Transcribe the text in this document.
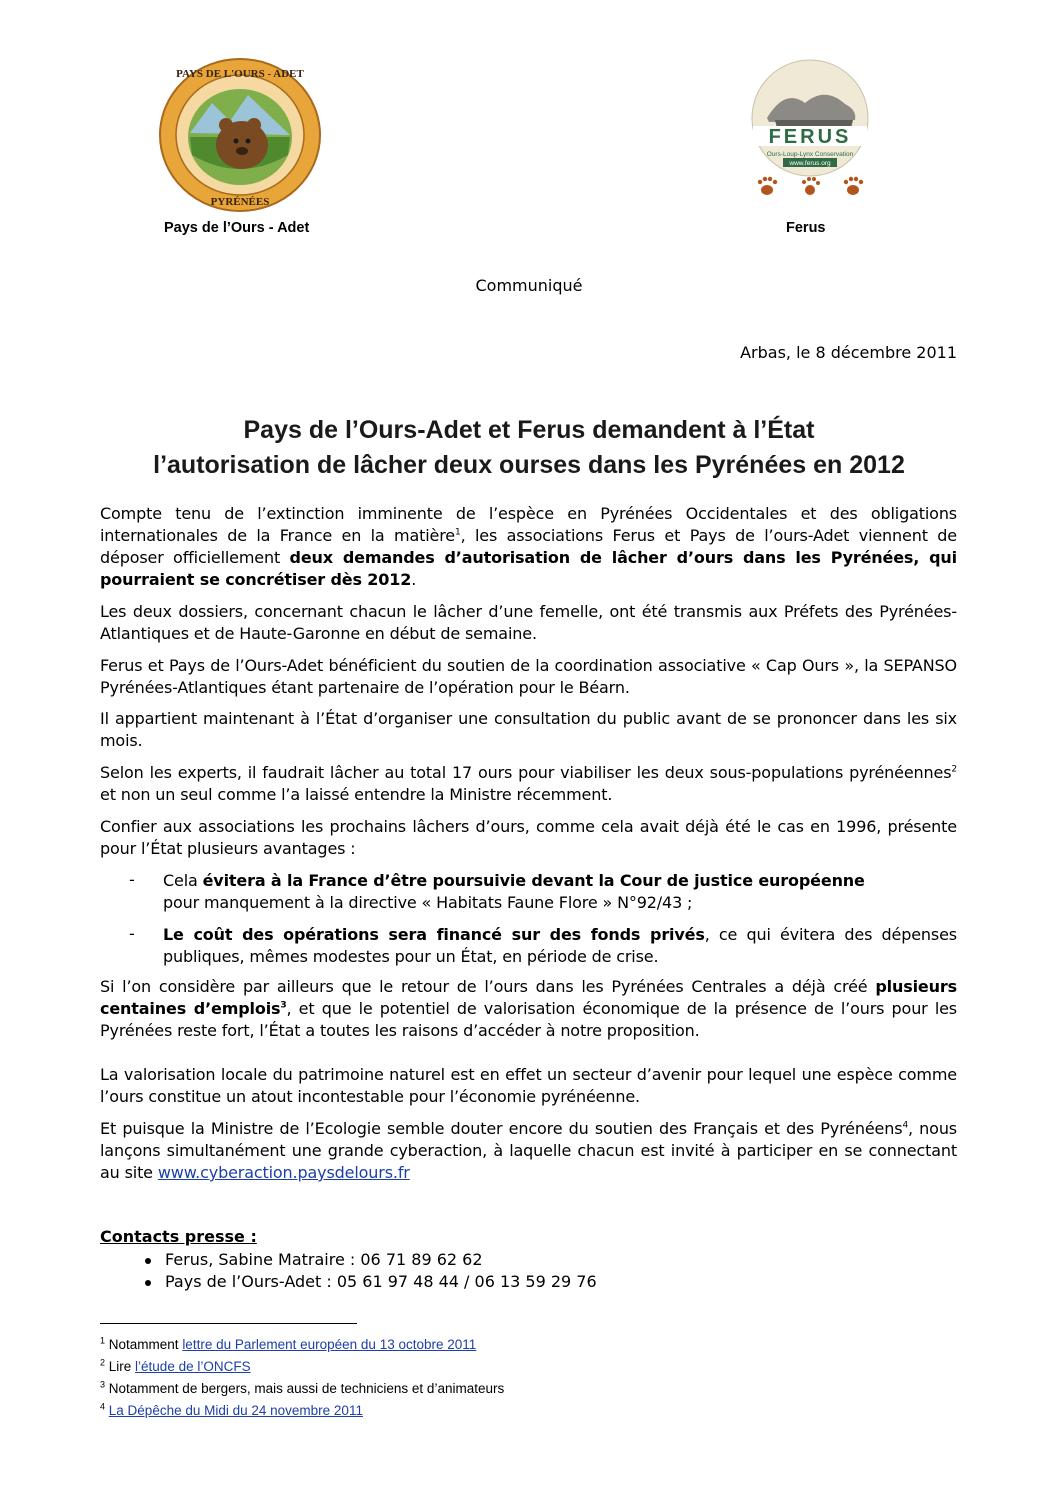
PAYS DE L'OURS - ADET
PYRÉNÉES
FERUS
Ours-Loup-Lynx Conservation
www.ferus.org
Pays de l’Ours - Adet	Ferus
Communiqué
Arbas, le 8 décembre 2011
Pays de l’Ours-Adet et Ferus demandent à l’État
l’autorisation de lâcher deux ourses dans les Pyrénées en 2012
Compte tenu de l’extinction imminente de l’espèce en Pyrénées Occidentales et des obligations internationales de la France en la matière$^1$, les associations Ferus et Pays de l’ours-Adet viennent de déposer officiellement deux demandes d’autorisation de lâcher d’ours dans les Pyrénées, qui pourraient se concrétiser dès 2012.
Les deux dossiers, concernant chacun le lâcher d’une femelle, ont été transmis aux Préfets des Pyrénées-Atlantiques et de Haute-Garonne en début de semaine.
Ferus et Pays de l’Ours-Adet bénéficient du soutien de la coordination associative « Cap Ours », la SEPANSO Pyrénées-Atlantiques étant partenaire de l’opération pour le Béarn.
Il appartient maintenant à l’État d’organiser une consultation du public avant de se prononcer dans les six mois.
Selon les experts, il faudrait lâcher au total 17 ours pour viabiliser les deux sous-populations pyrénéennes$^2$ et non un seul comme l’a laissé entendre la Ministre récemment.
Confier aux associations les prochains lâchers d’ours, comme cela avait déjà été le cas en 1996, présente pour l’État plusieurs avantages :
- Cela évitera à la France d’être poursuivie devant la Cour de justice européenne
pour manquement à la directive « Habitats Faune Flore » N°92/43 ;
- Le coût des opérations sera financé sur des fonds privés, ce qui évitera des dépenses publiques, mêmes modestes pour un État, en période de crise.
Si l’on considère par ailleurs que le retour de l’ours dans les Pyrénées Centrales a déjà créé plusieurs centaines d’emplois$^3$, et que le potentiel de valorisation économique de la présence de l’ours pour les Pyrénées reste fort, l’État a toutes les raisons d’accéder à notre proposition.
La valorisation locale du patrimoine naturel est en effet un secteur d’avenir pour lequel une espèce comme l’ours constitue un atout incontestable pour l’économie pyrénéenne.
Et puisque la Ministre de l’Ecologie semble douter encore du soutien des Français et des Pyrénéens$^4$, nous lançons simultanément une grande cyberaction, à laquelle chacun est invité à participer en se connectant au site www.cyberaction.paysdelours.fr
Contacts presse :
Ferus, Sabine Matraire : 06 71 89 62 62
Pays de l’Ours-Adet : 05 61 97 48 44 / 06 13 59 29 76
$^1$ Notamment lettre du Parlement européen du 13 octobre 2011
$^2$ Lire l’étude de l’ONCFS
$^3$ Notamment de bergers, mais aussi de techniciens et d’animateurs
$^4$ La Dépêche du Midi du 24 novembre 2011
